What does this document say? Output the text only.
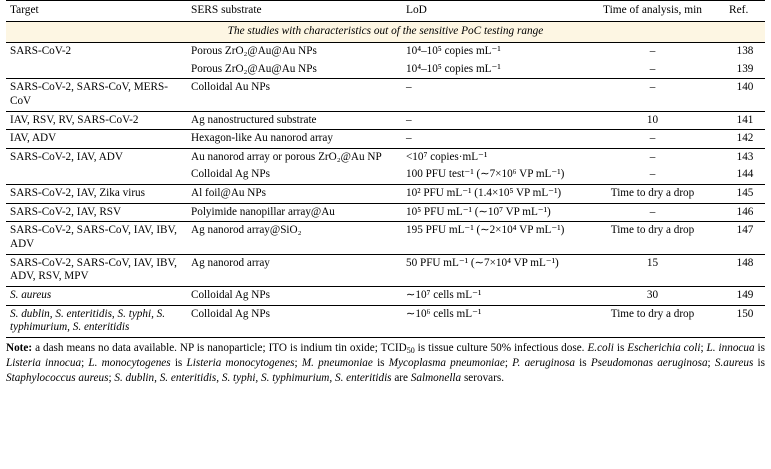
Target	SERS substrate	LoD	Time of analysis, min	Ref.
The studies with characteristics out of the sensitive PoC testing range				
SARS-CoV-2	Porous ZrO₂@Au@Au NPs	10⁴–10⁵ copies mL⁻¹	–	138
	Porous ZrO₂@Au@Au NPs	10⁴–10⁵ copies mL⁻¹	–	139
SARS-CoV-2, SARS-CoV, MERS-CoV	Colloidal Au NPs	–	–	140
IAV, RSV, RV, SARS-CoV-2	Ag nanostructured substrate	–	10	141
IAV, ADV	Hexagon-like Au nanorod array	–	–	142
SARS-CoV-2, IAV, ADV	Au nanorod array or porous ZrO₂@Au NP	<10⁷ copies·mL⁻¹	–	143
	Colloidal Ag NPs	100 PFU test⁻¹ (∼7×10⁶ VP mL⁻¹)	–	144
SARS-CoV-2, IAV, Zika virus	Al foil@Au NPs	10² PFU mL⁻¹ (1.4×10⁵ VP mL⁻¹)	Time to dry a drop	145
SARS-CoV-2, IAV, RSV	Polyimide nanopillar array@Au	10⁵ PFU mL⁻¹ (∼10⁷ VP mL⁻¹)	–	146
SARS-CoV-2, SARS-CoV, IAV, IBV, ADV	Ag nanorod array@SiO₂	195 PFU mL⁻¹ (∼2×10⁴ VP mL⁻¹)	Time to dry a drop	147
SARS-CoV-2, SARS-CoV, IAV, IBV, ADV, RSV, MPV	Ag nanorod array	50 PFU mL⁻¹ (∼7×10⁴ VP mL⁻¹)	15	148
S. aureus	Colloidal Ag NPs	∼10⁷ cells mL⁻¹	30	149
S. dublin, S. enteritidis, S. typhi, S. typhimurium, S. enteritidis	Colloidal Ag NPs	∼10⁶ cells mL⁻¹	Time to dry a drop	150

Note: a dash means no data available. NP is nanoparticle; ITO is indium tin oxide; $TCID_{50}$ is tissue culture 50% infectious dose. E.coli is Escherichia coli; L. innocua is Listeria innocua; L. monocytogenes is Listeria monocytogenes; M. pneumoniae is Mycoplasma pneumoniae; P. aeruginosa is Pseudomonas aeruginosa; S.aureus is Staphylococcus aureus; S. dublin, S. enteritidis, S. typhi, S. typhimurium, S. enteritidis are Salmonella serovars.
